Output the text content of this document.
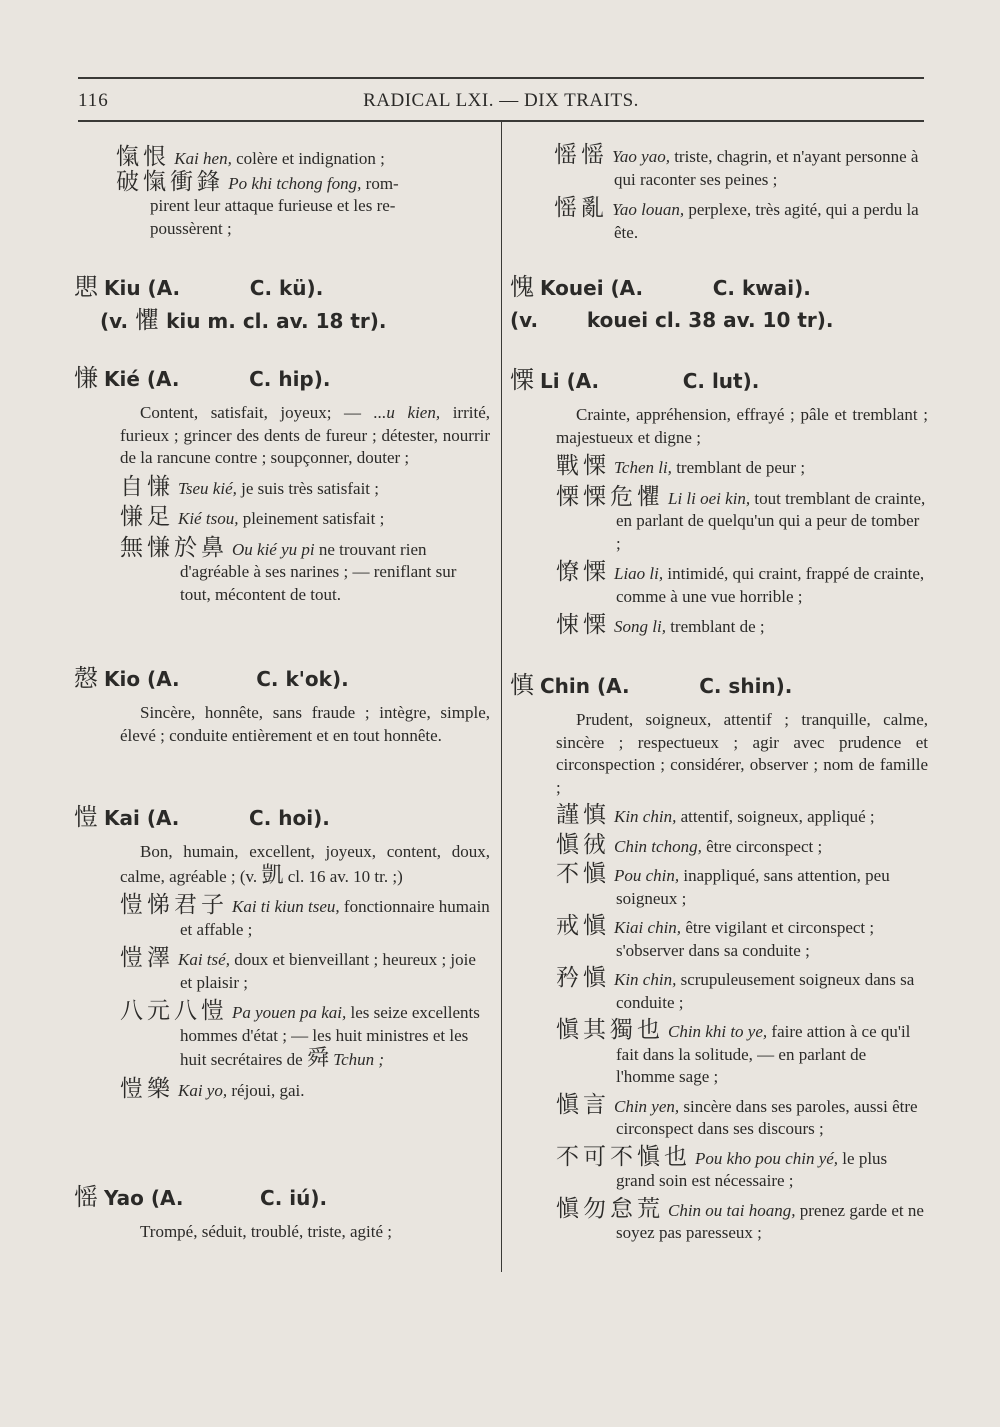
116	RADICAL LXI. — DIX TRAITS.

愾恨 Kai hen, colère et indignation ;

破愾衝鋒 Po khi tchong fong, rom-

pirent leur attaque furieuse et les re-

poussèrent ;

愳 Kiu (A.          C. kü).

(v. 懼 kiu m. cl. av. 18 tr).

慊 Kié (A.          C. hip).

Content, satisfait, joyeux; — ...u kien, irrité, furieux ; grincer des dents de fureur ; détester, nourrir de la rancune contre ; soupçonner, douter ;

自慊 Tseu kié, je suis très satisfait ;

慊足 Kié tsou, pleinement satisfait ;

無慊於鼻 Ou kié yu pi ne trouvant rien d'agréable à ses narines ; — reniflant sur tout, mécontent de tout.

慤 Kio (A.           C. k'ok).

Sincère, honnête, sans fraude ; intègre, simple, élevé ; conduite entièrement et en tout honnête.

愷 Kai (A.          C. hoi).

Bon, humain, excellent, joyeux, content, doux, calme, agréable ; (v. 凱 cl. 16 av. 10 tr. ;)

愷悌君子 Kai ti kiun tseu, fonctionnaire humain et affable ;

愷澤 Kai tsé, doux et bienveillant ; heureux ; joie et plaisir ;

八元八愷 Pa youen pa kai, les seize excellents hommes d'état ; — les huit ministres et les huit secrétaires de 舜 Tchun ;

愷樂 Kai yo, réjoui, gai.

愮 Yao (A.           C. iú).

Trompé, séduit, troublé, triste, agité ;

愮愮 Yao yao, triste, chagrin, et n'ayant personne à qui raconter ses peines ;

愮亂 Yao louan, perplexe, très agité, qui a perdu la ête.

愧 Kouei (A.          C. kwai).

(v.       kouei cl. 38 av. 10 tr).

慄 Li (A.            C. lut).

Crainte, appréhension, effrayé ; pâle et tremblant ; majestueux et digne ;

戰慄 Tchen li, tremblant de peur ;

慄慄危懼 Li li oei kin, tout tremblant de crainte, en parlant de quelqu'un qui a peur de tomber ;

憭慄 Liao li, intimidé, qui craint, frappé de crainte, comme à une vue horrible ;

悚慄 Song li, tremblant de ;

慎 Chin (A.          C. shin).

Prudent, soigneux, attentif ; tranquille, calme, sincère ; respectueux ; agir avec prudence et circonspection ; considérer, observer ; nom de famille ;

謹慎 Kin chin, attentif, soigneux, appliqué ;

愼㣝 Chin tchong, être circonspect ;

不愼 Pou chin, inappliqué, sans attention, peu soigneux ;

戒愼 Kiai chin, être vigilant et circonspect ; s'observer dans sa conduite ;

矜愼 Kin chin, scrupuleusement soigneux dans sa conduite ;

愼其獨也 Chin khi to ye, faire attion à ce qu'il fait dans la solitude, — en parlant de l'homme sage ;

愼言 Chin yen, sincère dans ses paroles, aussi être circonspect dans ses discours ;

不可不愼也 Pou kho pou chin yé, le plus grand soin est nécessaire ;

愼勿怠荒 Chin ou tai hoang, prenez garde et ne soyez pas paresseux ;
